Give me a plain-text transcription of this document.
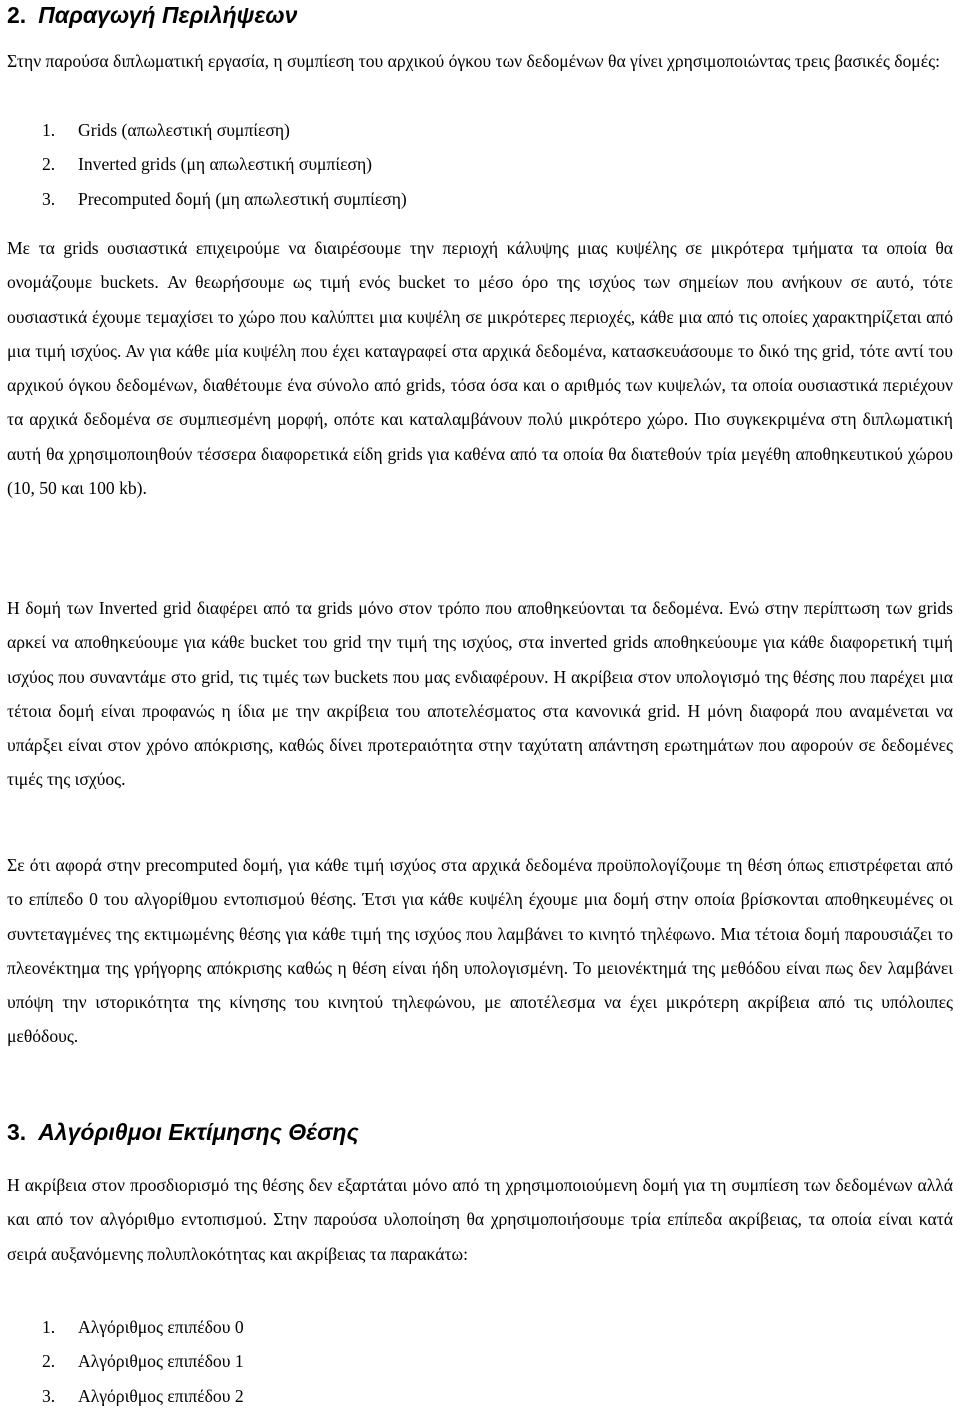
2. Παραγωγή Περιλήψεων

Στην παρούσα διπλωματική εργασία, η συμπίεση του αρχικού όγκου των δεδομένων θα γίνει χρησιμοποιώντας τρεις βασικές δομές:

1.	Grids (απωλεστική συμπίεση)
2.	Inverted grids (μη απωλεστική συμπίεση)
3.	Precomputed δομή (μη απωλεστική συμπίεση)

Με τα grids ουσιαστικά επιχειρούμε να διαιρέσουμε την περιοχή κάλυψης μιας κυψέλης σε μικρότερα τμήματα τα οποία θα ονομάζουμε buckets. Αν θεωρήσουμε ως τιμή ενός bucket το μέσο όρο της ισχύος των σημείων που ανήκουν σε αυτό, τότε ουσιαστικά έχουμε τεμαχίσει το χώρο που καλύπτει μια κυψέλη σε μικρότερες περιοχές, κάθε μια από τις οποίες χαρακτηρίζεται από μια τιμή ισχύος. Αν για κάθε μία κυψέλη που έχει καταγραφεί στα αρχικά δεδομένα, κατασκευάσουμε το δικό της grid, τότε αντί του αρχικού όγκου δεδομένων, διαθέτουμε ένα σύνολο από grids, τόσα όσα και ο αριθμός των κυψελών, τα οποία ουσιαστικά περιέχουν τα αρχικά δεδομένα σε συμπιεσμένη μορφή, οπότε και καταλαμβάνουν πολύ μικρότερο χώρο. Πιο συγκεκριμένα στη διπλωματική αυτή θα χρησιμοποιηθούν τέσσερα διαφορετικά είδη grids για καθένα από τα οποία θα διατεθούν τρία μεγέθη αποθηκευτικού χώρου (10, 50 και 100 kb).

Η δομή των Inverted grid διαφέρει από τα grids μόνο στον τρόπο που αποθηκεύονται τα δεδομένα. Ενώ στην περίπτωση των grids αρκεί να αποθηκεύουμε για κάθε bucket του grid την τιμή της ισχύος, στα inverted grids αποθηκεύουμε για κάθε διαφορετική τιμή ισχύος που συναντάμε στο grid, τις τιμές των buckets που μας ενδιαφέρουν. Η ακρίβεια στον υπολογισμό της θέσης που παρέχει μια τέτοια δομή είναι προφανώς η ίδια με την ακρίβεια του αποτελέσματος στα κανονικά grid. Η μόνη διαφορά που αναμένεται να υπάρξει είναι στον χρόνο απόκρισης, καθώς δίνει προτεραιότητα στην ταχύτατη απάντηση ερωτημάτων που αφορούν σε δεδομένες τιμές της ισχύος.

Σε ότι αφορά στην precomputed δομή, για κάθε τιμή ισχύος στα αρχικά δεδομένα προϋπολογίζουμε τη θέση όπως επιστρέφεται από το επίπεδο 0 του αλγορίθμου εντοπισμού θέσης. Έτσι για κάθε κυψέλη έχουμε μια δομή στην οποία βρίσκονται αποθηκευμένες οι συντεταγμένες της εκτιμωμένης θέσης για κάθε τιμή της ισχύος που λαμβάνει το κινητό τηλέφωνο. Μια τέτοια δομή παρουσιάζει το πλεονέκτημα της γρήγορης απόκρισης καθώς η θέση είναι ήδη υπολογισμένη. Το μειονέκτημά της μεθόδου είναι πως δεν λαμβάνει υπόψη την ιστορικότητα της κίνησης του κινητού τηλεφώνου, με αποτέλεσμα να έχει μικρότερη ακρίβεια από τις υπόλοιπες μεθόδους.

3. Αλγόριθμοι Εκτίμησης Θέσης

Η ακρίβεια στον προσδιορισμό της θέσης δεν εξαρτάται μόνο από τη χρησιμοποιούμενη δομή για τη συμπίεση των δεδομένων αλλά και από τον αλγόριθμο εντοπισμού. Στην παρούσα υλοποίηση θα χρησιμοποιήσουμε τρία επίπεδα ακρίβειας, τα οποία είναι κατά σειρά αυξανόμενης πολυπλοκότητας και ακρίβειας τα παρακάτω:

1.	Αλγόριθμος επιπέδου 0
2.	Αλγόριθμος επιπέδου 1
3.	Αλγόριθμος επιπέδου 2
